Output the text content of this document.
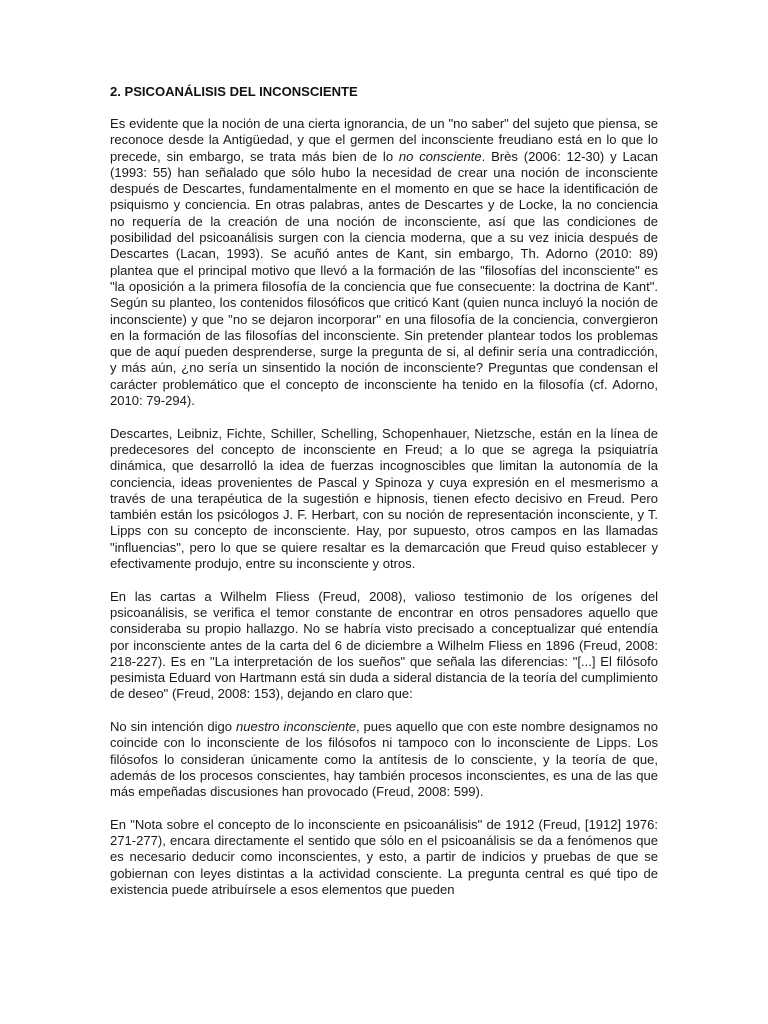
2. PSICOANÁLISIS DEL INCONSCIENTE

Es evidente que la noción de una cierta ignorancia, de un "no saber" del sujeto que piensa, se reconoce desde la Antigüedad, y que el germen del inconsciente freudiano está en lo que lo precede, sin embargo, se trata más bien de lo no consciente. Brès (2006: 12-30) y Lacan (1993: 55) han señalado que sólo hubo la necesidad de crear una noción de inconsciente después de Descartes, fundamentalmente en el momento en que se hace la identificación de psiquismo y conciencia. En otras palabras, antes de Descartes y de Locke, la no conciencia no requería de la creación de una noción de inconsciente, así que las condiciones de posibilidad del psicoanálisis surgen con la ciencia moderna, que a su vez inicia después de Descartes (Lacan, 1993). Se acuñó antes de Kant, sin embargo, Th. Adorno (2010: 89) plantea que el principal motivo que llevó a la formación de las "filosofías del inconsciente" es "la oposición a la primera filosofía de la conciencia que fue consecuente: la doctrina de Kant". Según su planteo, los contenidos filosóficos que criticó Kant (quien nunca incluyó la noción de inconsciente) y que "no se dejaron incorporar" en una filosofía de la conciencia, convergieron en la formación de las filosofías del inconsciente. Sin pretender plantear todos los problemas que de aquí pueden desprenderse, surge la pregunta de si, al definir sería una contradicción, y más aún, ¿no sería un sinsentido la noción de inconsciente? Preguntas que condensan el carácter problemático que el concepto de inconsciente ha tenido en la filosofía (cf. Adorno, 2010: 79-294).

Descartes, Leibniz, Fichte, Schiller, Schelling, Schopenhauer, Nietzsche, están en la línea de predecesores del concepto de inconsciente en Freud; a lo que se agrega la psiquiatría dinámica, que desarrolló la idea de fuerzas incognoscibles que limitan la autonomía de la conciencia, ideas provenientes de Pascal y Spinoza y cuya expresión en el mesmerismo a través de una terapéutica de la sugestión e hipnosis, tienen efecto decisivo en Freud. Pero también están los psicólogos J. F. Herbart, con su noción de representación inconsciente, y T. Lipps con su concepto de inconsciente. Hay, por supuesto, otros campos en las llamadas "influencias", pero lo que se quiere resaltar es la demarcación que Freud quiso establecer y efectivamente produjo, entre su inconsciente y otros.

En las cartas a Wilhelm Fliess (Freud, 2008), valioso testimonio de los orígenes del psicoanálisis, se verifica el temor constante de encontrar en otros pensadores aquello que consideraba su propio hallazgo. No se habría visto precisado a conceptualizar qué entendía por inconsciente antes de la carta del 6 de diciembre a Wilhelm Fliess en 1896 (Freud, 2008: 218-227). Es en "La interpretación de los sueños" que señala las diferencias: "[...] El filósofo pesimista Eduard von Hartmann está sin duda a sideral distancia de la teoría del cumplimiento de deseo" (Freud, 2008: 153), dejando en claro que:

No sin intención digo nuestro inconsciente, pues aquello que con este nombre designamos no coincide con lo inconsciente de los filósofos ni tampoco con lo inconsciente de Lipps. Los filósofos lo consideran únicamente como la antítesis de lo consciente, y la teoría de que, además de los procesos conscientes, hay también procesos inconscientes, es una de las que más empeñadas discusiones han provocado (Freud, 2008: 599).

En "Nota sobre el concepto de lo inconsciente en psicoanálisis" de 1912 (Freud, [1912] 1976: 271-277), encara directamente el sentido que sólo en el psicoanálisis se da a fenómenos que es necesario deducir como inconscientes, y esto, a partir de indicios y pruebas de que se gobiernan con leyes distintas a la actividad consciente. La pregunta central es qué tipo de existencia puede atribuírsele a esos elementos que pueden
